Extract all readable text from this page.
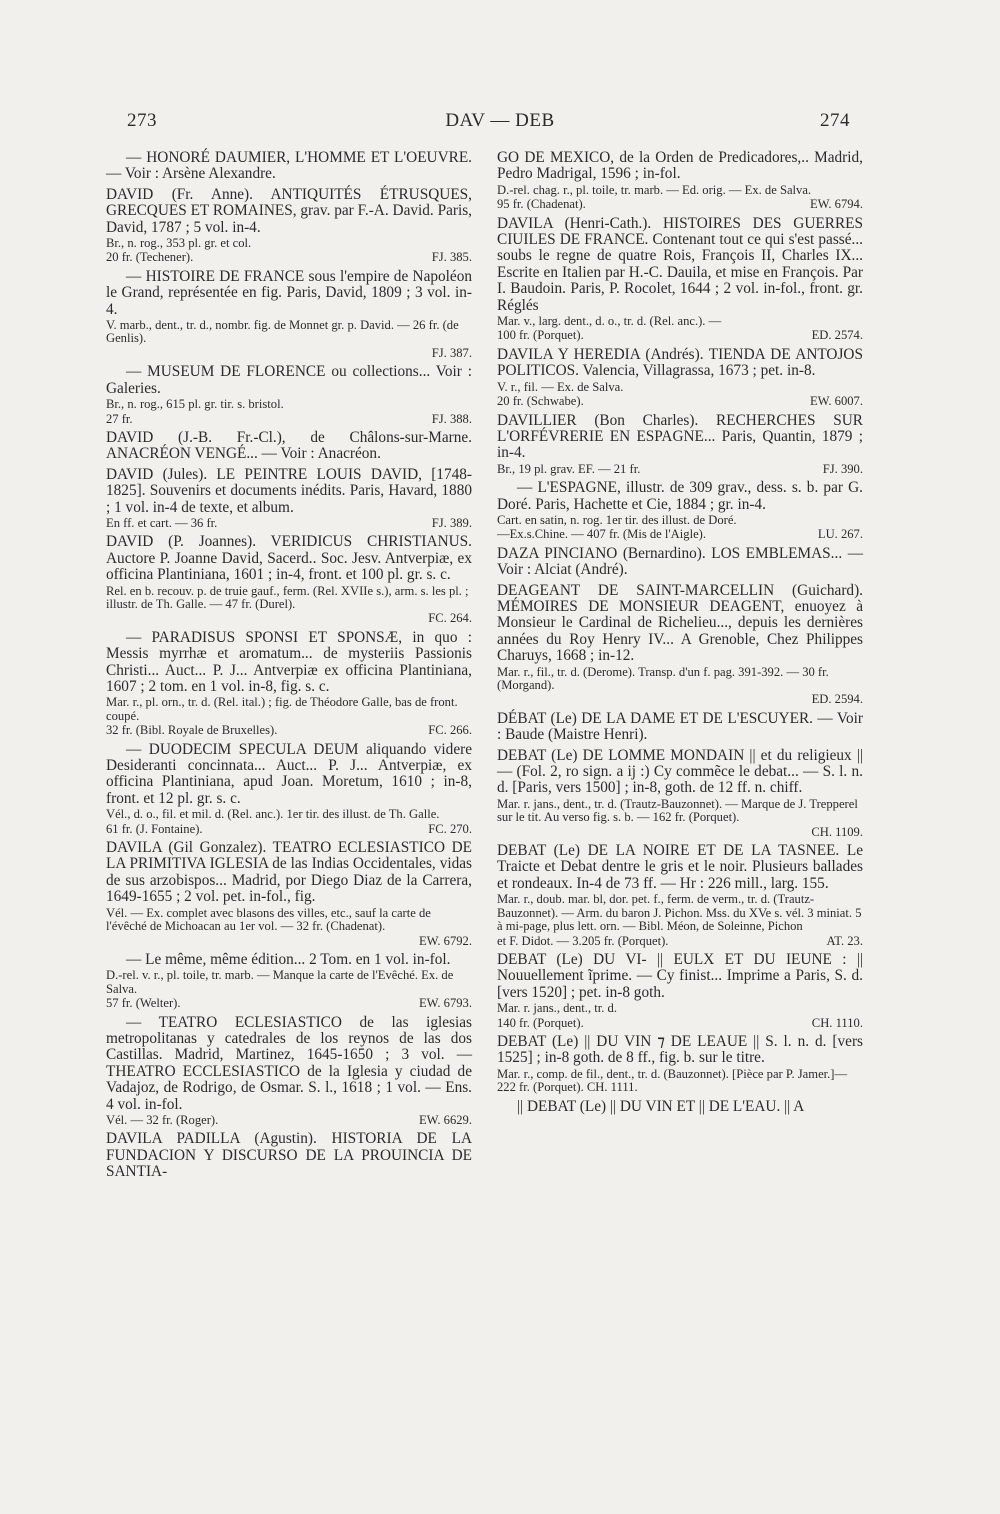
273	DAV — DEB	274
— HONORÉ DAUMIER, L'HOMME ET L'OEUVRE. — Voir : Arsène Alexandre.
DAVID (Fr. Anne). ANTIQUITÉS ÉTRUSQUES, GRECQUES ET ROMAINES, grav. par F.-A. David. Paris, David, 1787 ; 5 vol. in-4.
Br., n. rog., 353 pl. gr. et col.
20 fr. (Techener).	FJ. 385.
— HISTOIRE DE FRANCE sous l'empire de Napoléon le Grand, représentée en fig. Paris, David, 1809 ; 3 vol. in-4.
V. marb., dent., tr. d., nombr. fig. de Monnet gr. p. David. — 26 fr. (de Genlis).
FJ. 387.
— MUSEUM DE FLORENCE ou collections... Voir : Galeries.
Br., n. rog., 615 pl. gr. tir. s. bristol.
27 fr.	FJ. 388.
DAVID (J.-B. Fr.-Cl.), de Châlons-sur-Marne. ANACRÉON VENGÉ... — Voir : Anacréon.
DAVID (Jules). LE PEINTRE LOUIS DAVID, [1748-1825]. Souvenirs et documents inédits. Paris, Havard, 1880 ; 1 vol. in-4 de texte, et album.
En ff. et cart. — 36 fr.	FJ. 389.
DAVID (P. Joannes). VERIDICUS CHRISTIANUS. Auctore P. Joanne David, Sacerd.. Soc. Jesv. Antverpiæ, ex officina Plantiniana, 1601 ; in-4, front. et 100 pl. gr. s. c.
Rel. en b. recouv. p. de truie gauf., ferm. (Rel. XVIIe s.), arm. s. les pl. ; illustr. de Th. Galle. — 47 fr. (Durel).
FC. 264.
— PARADISUS SPONSI ET SPONSÆ, in quo : Messis myrrhæ et aromatum... de mysteriis Passionis Christi... Auct... P. J... Antverpiæ ex officina Plantiniana, 1607 ; 2 tom. en 1 vol. in-8, fig. s. c.
Mar. r., pl. orn., tr. d. (Rel. ital.) ; fig. de Théodore Galle, bas de front. coupé.
32 fr. (Bibl. Royale de Bruxelles).	FC. 266.
— DUODECIM SPECULA DEUM aliquando videre Desideranti concinnata... Auct... P. J... Antverpiæ, ex officina Plantiniana, apud Joan. Moretum, 1610 ; in-8, front. et 12 pl. gr. s. c.
Vél., d. o., fil. et mil. d. (Rel. anc.). 1er tir. des illust. de Th. Galle.
61 fr. (J. Fontaine).	FC. 270.
DAVILA (Gil Gonzalez). TEATRO ECLESIASTICO DE LA PRIMITIVA IGLESIA de las Indias Occidentales, vidas de sus arzobispos... Madrid, por Diego Diaz de la Carrera, 1649-1655 ; 2 vol. pet. in-fol., fig.
Vél. — Ex. complet avec blasons des villes, etc., sauf la carte de l'évêché de Michoacan au 1er vol. — 32 fr. (Chadenat).
EW. 6792.
— Le même, même édition... 2 Tom. en 1 vol. in-fol.
D.-rel. v. r., pl. toile, tr. marb. — Manque la carte de l'Evêché. Ex. de Salva.
57 fr. (Welter).	EW. 6793.
— TEATRO ECLESIASTICO de las iglesias metropolitanas y catedrales de los reynos de las dos Castillas. Madrid, Martinez, 1645-1650 ; 3 vol. — THEATRO ECCLESIASTICO de la Iglesia y ciudad de Vadajoz, de Rodrigo, de Osmar. S. l., 1618 ; 1 vol. — Ens. 4 vol. in-fol.
Vél. — 32 fr. (Roger).	EW. 6629.
DAVILA PADILLA (Agustin). HISTORIA DE LA FUNDACION Y DISCURSO DE LA PROUINCIA DE SANTIA-
GO DE MEXICO, de la Orden de Predicadores,.. Madrid, Pedro Madrigal, 1596 ; in-fol.
D.-rel. chag. r., pl. toile, tr. marb. — Ed. orig. — Ex. de Salva.
95 fr. (Chadenat).	EW. 6794.
DAVILA (Henri-Cath.). HISTOIRES DES GUERRES CIUILES DE FRANCE. Contenant tout ce qui s'est passé... soubs le regne de quatre Rois, François II, Charles IX... Escrite en Italien par H.-C. Dauila, et mise en François. Par I. Baudoin. Paris, P. Rocolet, 1644 ; 2 vol. in-fol., front. gr. Réglés
Mar. v., larg. dent., d. o., tr. d. (Rel. anc.). —
100 fr. (Porquet).	ED. 2574.
DAVILA Y HEREDIA (Andrés). TIENDA DE ANTOJOS POLITICOS. Valencia, Villagrassa, 1673 ; pet. in-8.
V. r., fil. — Ex. de Salva.
20 fr. (Schwabe).	EW. 6007.
DAVILLIER (Bon Charles). RECHERCHES SUR L'ORFÉVRERIE EN ESPAGNE... Paris, Quantin, 1879 ; in-4.
Br., 19 pl. grav. EF. — 21 fr.	FJ. 390.
— L'ESPAGNE, illustr. de 309 grav., dess. s. b. par G. Doré. Paris, Hachette et Cie, 1884 ; gr. in-4.
Cart. en satin, n. rog. 1er tir. des illust. de Doré.
—Ex.s.Chine. — 407 fr. (Mis de l'Aigle).	LU. 267.
DAZA PINCIANO (Bernardino). LOS EMBLEMAS... — Voir : Alciat (André).
DEAGEANT DE SAINT-MARCELLIN (Guichard). MÉMOIRES DE MONSIEUR DEAGENT, enuoyez à Monsieur le Cardinal de Richelieu..., depuis les dernières années du Roy Henry IV... A Grenoble, Chez Philippes Charuys, 1668 ; in-12.
Mar. r., fil., tr. d. (Derome). Transp. d'un f. pag. 391-392. — 30 fr. (Morgand).
ED. 2594.
DÉBAT (Le) DE LA DAME ET DE L'ESCUYER. — Voir : Baude (Maistre Henri).
DEBAT (Le) DE LOMME MONDAIN || et du religieux || — (Fol. 2, ro sign. a ij :) Cy commẽce le debat... — S. l. n. d. [Paris, vers 1500] ; in-8, goth. de 12 ff. n. chiff.
Mar. r. jans., dent., tr. d. (Trautz-Bauzonnet). — Marque de J. Trepperel sur le tit. Au verso fig. s. b. — 162 fr. (Porquet).
CH. 1109.
DEBAT (Le) DE LA NOIRE ET DE LA TASNEE. Le Traicte et Debat dentre le gris et le noir. Plusieurs ballades et rondeaux. In-4 de 73 ff. — Hr : 226 mill., larg. 155.
Mar. r., doub. mar. bl, dor. pet. f., ferm. de verm., tr. d. (Trautz-Bauzonnet). — Arm. du baron J. Pichon. Mss. du XVe s. vél. 3 miniat. 5 à mi-page, plus lett. orn. — Bibl. Méon, de Soleinne, Pichon
et F. Didot. — 3.205 fr. (Porquet).	AT. 23.
DEBAT (Le) DU VI- || EULX ET DU IEUNE : || Nouuellement ĩprime. — Cy finist... Imprime a Paris, S. d. [vers 1520] ; pet. in-8 goth.
Mar. r. jans., dent., tr. d.
140 fr. (Porquet).	CH. 1110.
DEBAT (Le) || DU VIN ⁊ DE LEAUE || S. l. n. d. [vers 1525] ; in-8 goth. de 8 ff., fig. b. sur le titre.
Mar. r., comp. de fil., dent., tr. d. (Bauzonnet). [Pièce par P. Jamer.]— 222 fr. (Porquet). CH. 1111.
|| DEBAT (Le) || DU VIN ET || DE L'EAU. || A
